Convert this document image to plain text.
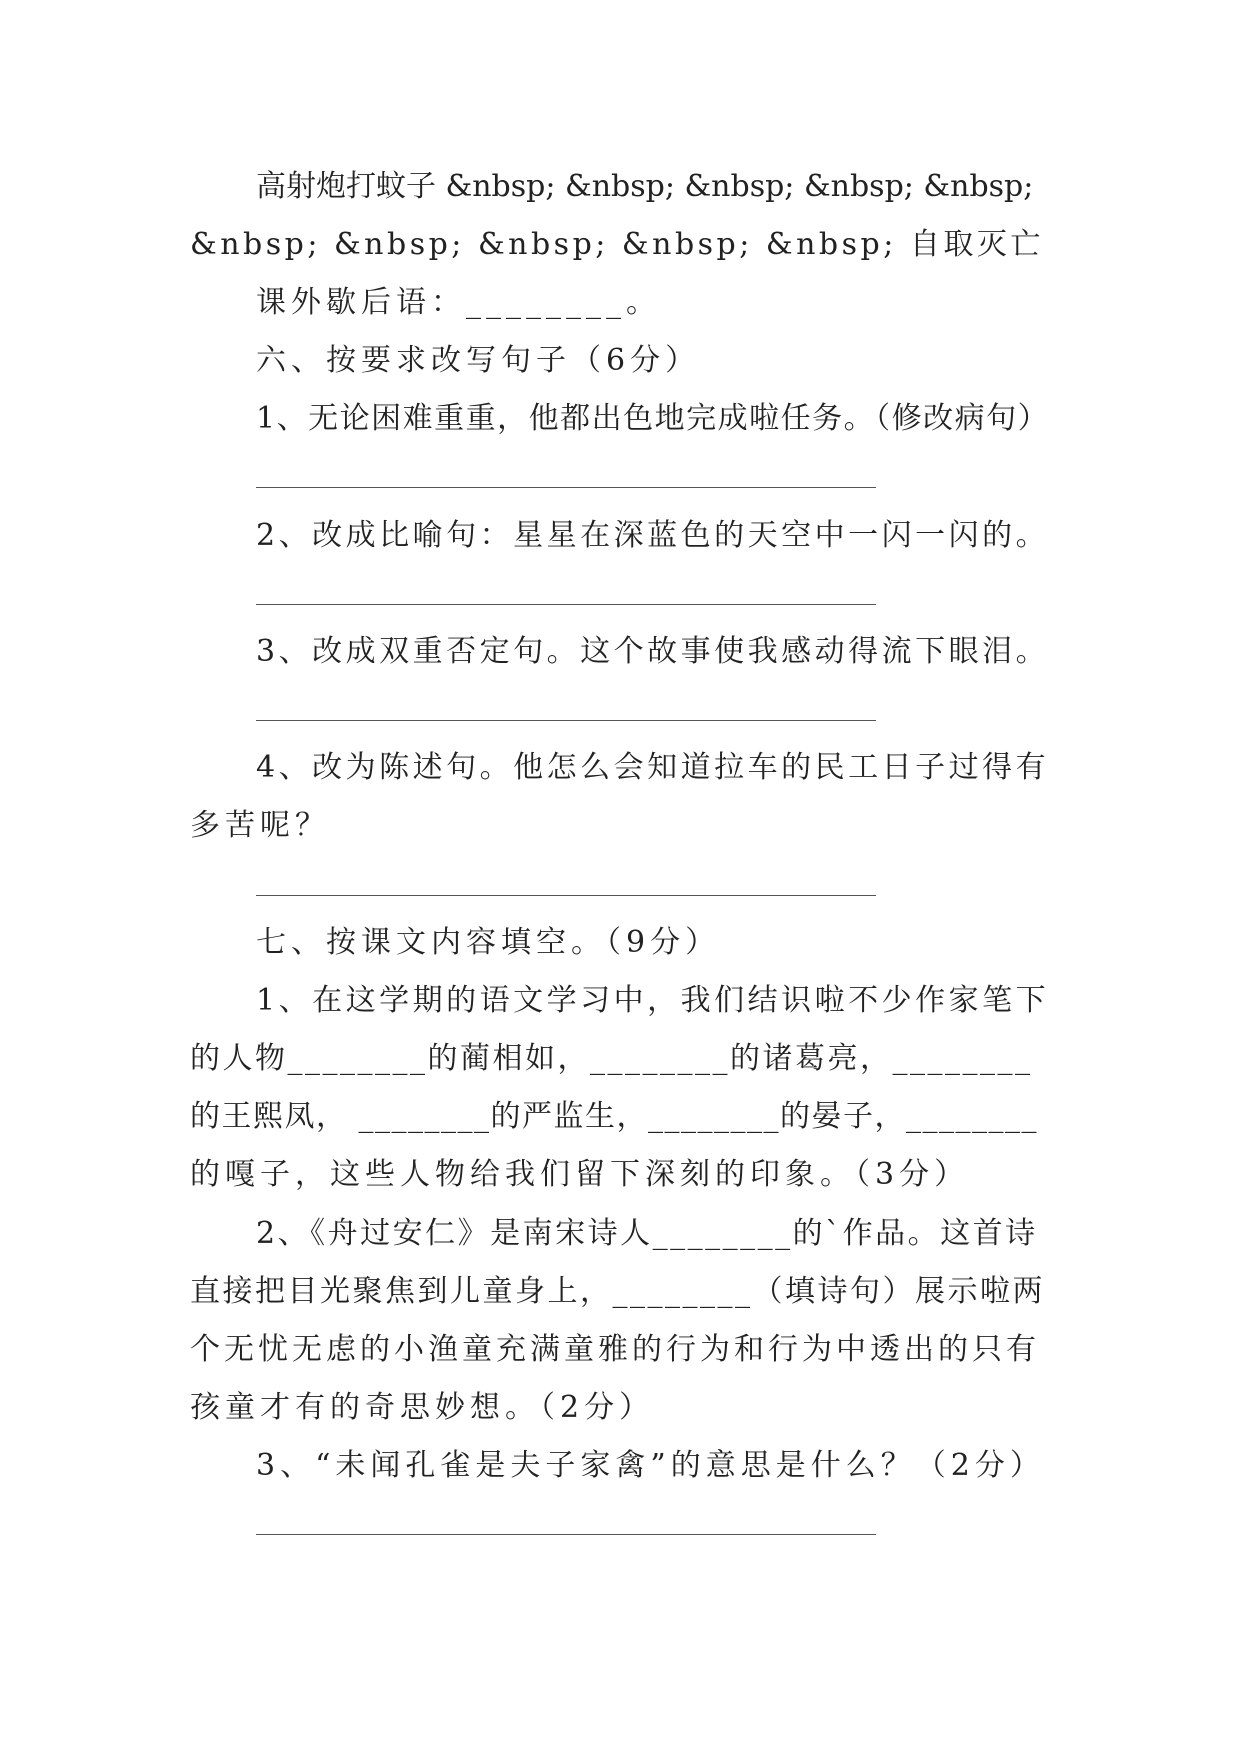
高射炮打蚊子 &nbsp; &nbsp; &nbsp; &nbsp; &nbsp;
&nbsp; &nbsp; &nbsp; &nbsp; &nbsp; 自取灭亡
课外歇后语：________。
六、按要求改写句子（6分）
1、无论困难重重，他都出色地完成啦任务。（修改病句）
2、改成比喻句：星星在深蓝色的天空中一闪一闪的。
3、改成双重否定句。这个故事使我感动得流下眼泪。
4、改为陈述句。他怎么会知道拉车的民工日子过得有
多苦呢？
七、按课文内容填空。（9分）
1、在这学期的语文学习中，我们结识啦不少作家笔下
的人物________的蔺相如，________的诸葛亮，________
的王熙凤， ________的严监生，________的晏子，________
的嘎子，这些人物给我们留下深刻的印象。（3分）
2、《舟过安仁》是南宋诗人________的`作品。这首诗
直接把目光聚焦到儿童身上，________（填诗句）展示啦两
个无忧无虑的小渔童充满童雅的行为和行为中透出的只有
孩童才有的奇思妙想。（2分）
3、“未闻孔雀是夫子家禽”的意思是什么？（2分）
